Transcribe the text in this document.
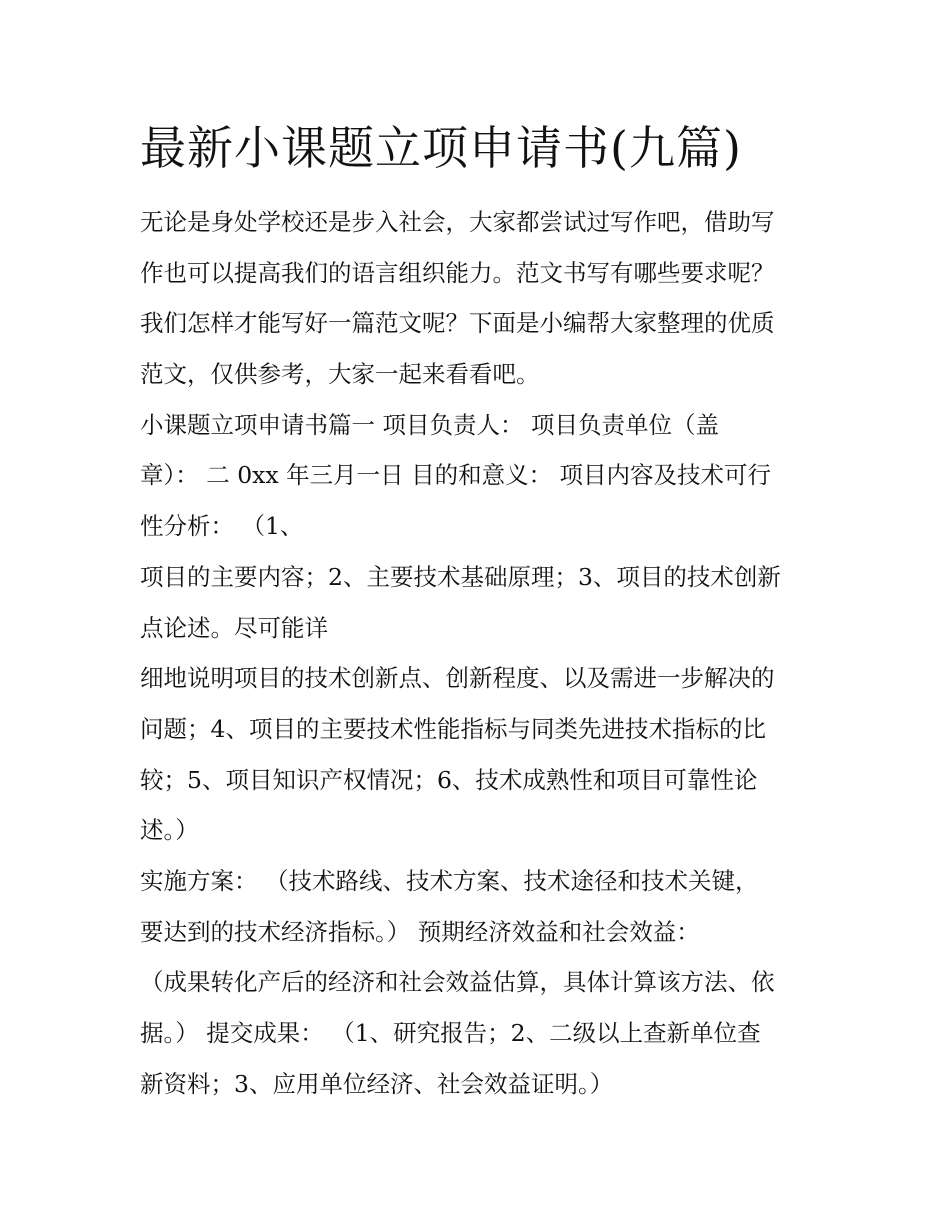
最新小课题立项申请书(九篇)
无论是身处学校还是步入社会，大家都尝试过写作吧，借助写
作也可以提高我们的语言组织能力。范文书写有哪些要求呢？
我们怎样才能写好一篇范文呢？下面是小编帮大家整理的优质
范文，仅供参考，大家一起来看看吧。
小课题立项申请书篇一 项目负责人： 项目负责单位（盖
章）： 二 0xx 年三月一日 目的和意义： 项目内容及技术可行
性分析： （1、
项目的主要内容；2、主要技术基础原理；3、项目的技术创新
点论述。尽可能详
细地说明项目的技术创新点、创新程度、以及需进一步解决的
问题；4、项目的主要技术性能指标与同类先进技术指标的比
较；5、项目知识产权情况；6、技术成熟性和项目可靠性论
述。）
实施方案： （技术路线、技术方案、技术途径和技术关键，
要达到的技术经济指标。） 预期经济效益和社会效益：
（成果转化产后的经济和社会效益估算，具体计算该方法、依
据。） 提交成果： （1、研究报告；2、二级以上查新单位查
新资料；3、应用单位经济、社会效益证明。）
